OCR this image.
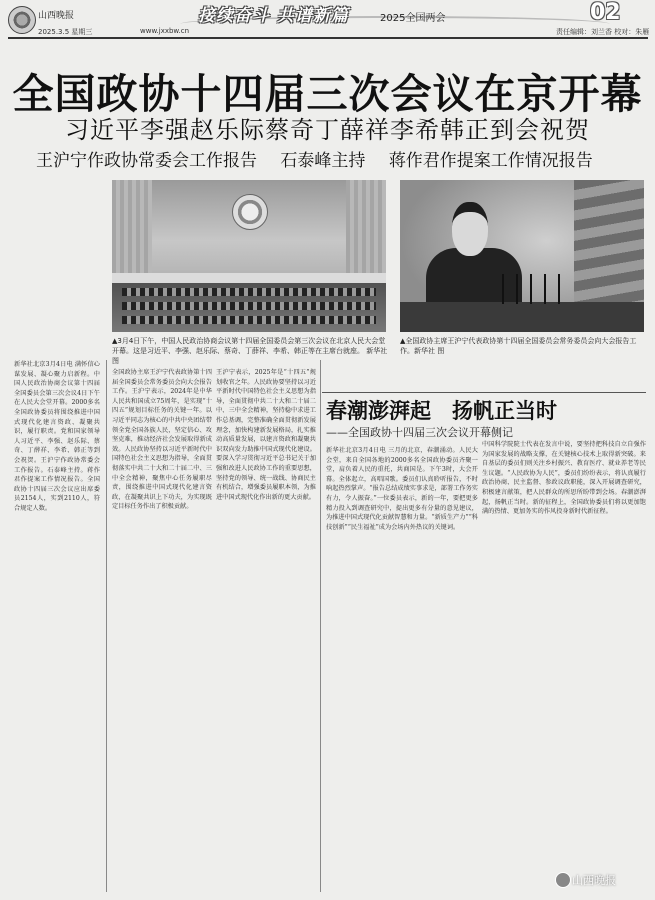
山西晚报
2025.3.5 星期三	www.jxxbw.cn
接续奋斗 共谱新篇	2025全国两会	02
责任编辑：刘兰香 校对：朱雁
全国政协十四届三次会议在京开幕
习近平李强赵乐际蔡奇丁薛祥李希韩正到会祝贺
王沪宁作政协常委会工作报告 石泰峰主持 蒋作君作提案工作情况报告
▲3月4日下午，中国人民政治协商会议第十四届全国委员会第三次会议在北京人民大会堂开幕。这是习近平、李强、赵乐际、蔡奇、丁薛祥、李希、韩正等在主席台就座。 新华社 图
▲全国政协主席王沪宁代表政协第十四届全国委员会常务委员会向大会报告工作。新华社 图
新华社北京3月4日电 满怀信心谋发展、凝心聚力启新程。中国人民政治协商会议第十四届全国委员会第三次会议4日下午在人民大会堂开幕。2000多名全国政协委员将围绕推进中国式现代化建言资政、凝聚共识，履行职责。党和国家领导人习近平、李强、赵乐际、蔡奇、丁薛祥、李希、韩正等到会祝贺。王沪宁作政协常委会工作报告。石泰峰主持。蒋作君作提案工作情况报告。全国政协十四届三次会议应出席委员2154人，实到2110人，符合规定人数。
全国政协主席王沪宁代表政协第十四届全国委员会常务委员会向大会报告工作。王沪宁表示，2024年是中华人民共和国成立75周年，是实现“十四五”规划目标任务的关键一年。以习近平同志为核心的中共中央团结带领全党全国各族人民，坚定信心、攻坚克难，推动经济社会发展取得新成效。人民政协坚持以习近平新时代中国特色社会主义思想为指导，全面贯彻落实中共二十大和二十届二中、三中全会精神，聚焦中心任务履职尽责，围绕推进中国式现代化建言资政，在凝聚共识上下功夫，为实现既定目标任务作出了积极贡献。
王沪宁表示，2025年是“十四五”规划收官之年。人民政协要坚持以习近平新时代中国特色社会主义思想为指导，全面贯彻中共二十大和二十届二中、三中全会精神，坚持稳中求进工作总基调，完整准确全面贯彻新发展理念，加快构建新发展格局，扎实推动高质量发展，以建言资政和凝聚共识双向发力助推中国式现代化建设。要深入学习贯彻习近平总书记关于加强和改进人民政协工作的重要思想，坚持党的领导、统一战线、协商民主有机结合，增强委员履职本领，为推进中国式现代化作出新的更大贡献。
春潮澎湃起　扬帆正当时
——全国政协十四届三次会议开幕侧记
新华社北京3月4日电 三月的北京，春潮涌动。人民大会堂，来自全国各地的2000多名全国政协委员齐聚一堂，肩负着人民的重托，共商国是。下午3时，大会开幕。全体起立，高唱国歌。委员们认真聆听报告，不时响起热烈掌声。“报告总结成绩实事求是，部署工作务实有力，令人振奋。”一位委员表示，新的一年，要把更多精力投入到调查研究中，提出更多有分量的意见建议，为推进中国式现代化贡献智慧和力量。“新质生产力”“科技创新”“民生福祉”成为会场内外热议的关键词。
中国科学院院士代表在发言中说，要坚持把科技自立自强作为国家发展的战略支撑，在关键核心技术上取得新突破。来自基层的委员们则关注乡村振兴、教育医疗、就业养老等民生议题。“人民政协为人民”，委员们纷纷表示，将认真履行政治协商、民主监督、参政议政职能，深入开展调查研究，积极建言献策，把人民群众的所思所盼带到会场。春潮澎湃起，扬帆正当时。新的征程上，全国政协委员们将以更加饱满的热情、更加务实的作风投身新时代新征程。
山西晚报
